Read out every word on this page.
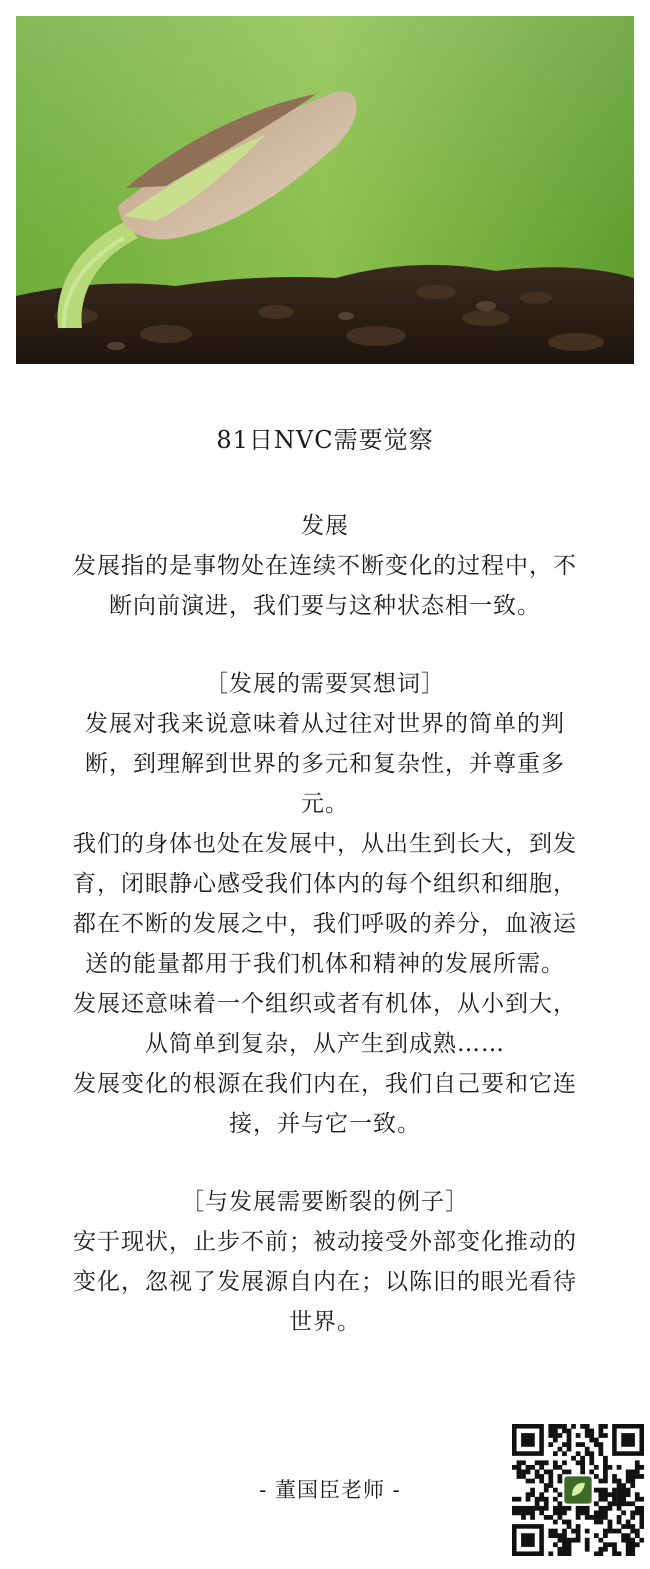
81日NVC需要觉察

发展

发展指的是事物处在连续不断变化的过程中，不断向前演进，我们要与这种状态相一致。

［发展的需要冥想词］

发展对我来说意味着从过往对世界的简单的判断，到理解到世界的多元和复杂性，并尊重多元。

我们的身体也处在发展中，从出生到长大，到发育，闭眼静心感受我们体内的每个组织和细胞，都在不断的发展之中，我们呼吸的养分，血液运送的能量都用于我们机体和精神的发展所需。

发展还意味着一个组织或者有机体，从小到大，从简单到复杂，从产生到成熟……

发展变化的根源在我们内在，我们自己要和它连接，并与它一致。

［与发展需要断裂的例子］

安于现状，止步不前；被动接受外部变化推动的变化，忽视了发展源自内在；以陈旧的眼光看待世界。

- 董国臣老师 -
